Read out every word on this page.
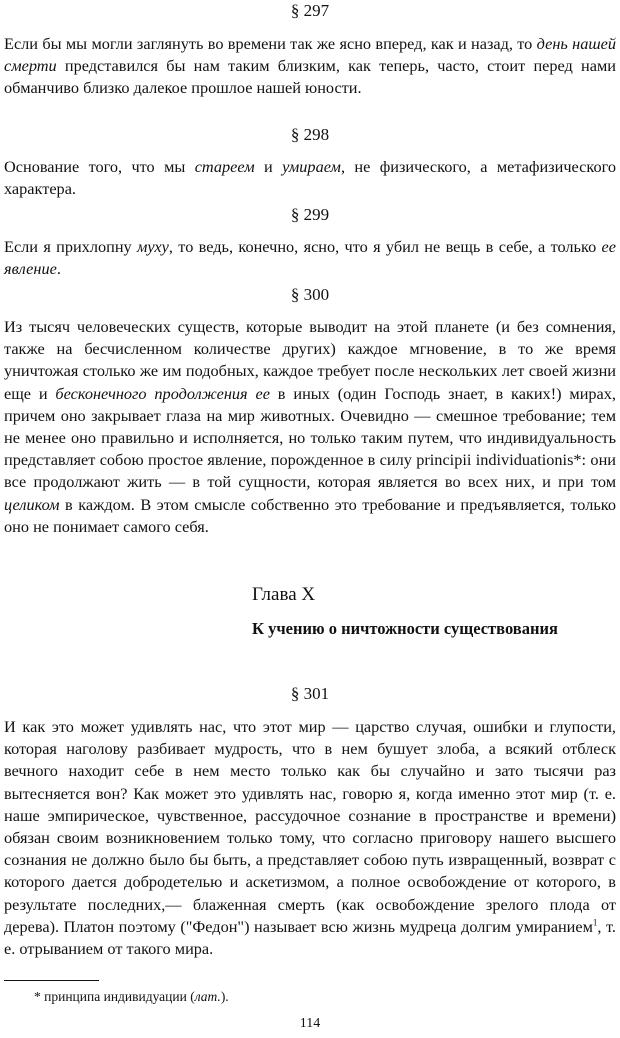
§ 297
Если бы мы могли заглянуть во времени так же ясно вперед, как и назад, то день нашей смерти представился бы нам таким близким, как теперь, часто, стоит перед нами обманчиво близко далекое прошлое нашей юности.
§ 298
Основание того, что мы стареем и умираем, не физического, а метафизического характера.
§ 299
Если я прихлопну муху, то ведь, конечно, ясно, что я убил не вещь в себе, а только ее явление.
§ 300
Из тысяч человеческих существ, которые выводит на этой планете (и без сомнения, также на бесчисленном количестве других) каждое мгновение, в то же время уничтожая столько же им подобных, каждое требует после нескольких лет своей жизни еще и бесконечного продолжения ее в иных (один Господь знает, в каких!) мирах, причем оно закрывает глаза на мир животных. Очевидно — смешное требование; тем не менее оно правильно и исполняется, но только таким путем, что индивидуальность представляет собою простое явление, порожденное в силу principii individuationis*: они все продолжают жить — в той сущности, которая является во всех них, и при том целиком в каждом. В этом смысле собственно это требование и предъявляется, только оно не понимает самого себя.
Глава X
К учению о ничтожности существования
§ 301
И как это может удивлять нас, что этот мир — царство случая, ошибки и глупости, которая наголову разбивает мудрость, что в нем бушует злоба, а всякий отблеск вечного находит себе в нем место только как бы случайно и зато тысячи раз вытесняется вон? Как может это удивлять нас, говорю я, когда именно этот мир (т. е. наше эмпирическое, чувственное, рассудочное сознание в пространстве и времени) обязан своим возникновением только тому, что согласно приговору нашего высшего сознания не должно было бы быть, а представляет собою путь извращенный, возврат с которого дается добродетелью и аскетизмом, а полное освобождение от которого, в результате последних,— блаженная смерть (как освобождение зрелого плода от дерева). Платон поэтому ("Федон") называет всю жизнь мудреца долгим умиранием$^1$, т. е. отрыванием от такого мира.
* принципа индивидуации (лат.).
114
